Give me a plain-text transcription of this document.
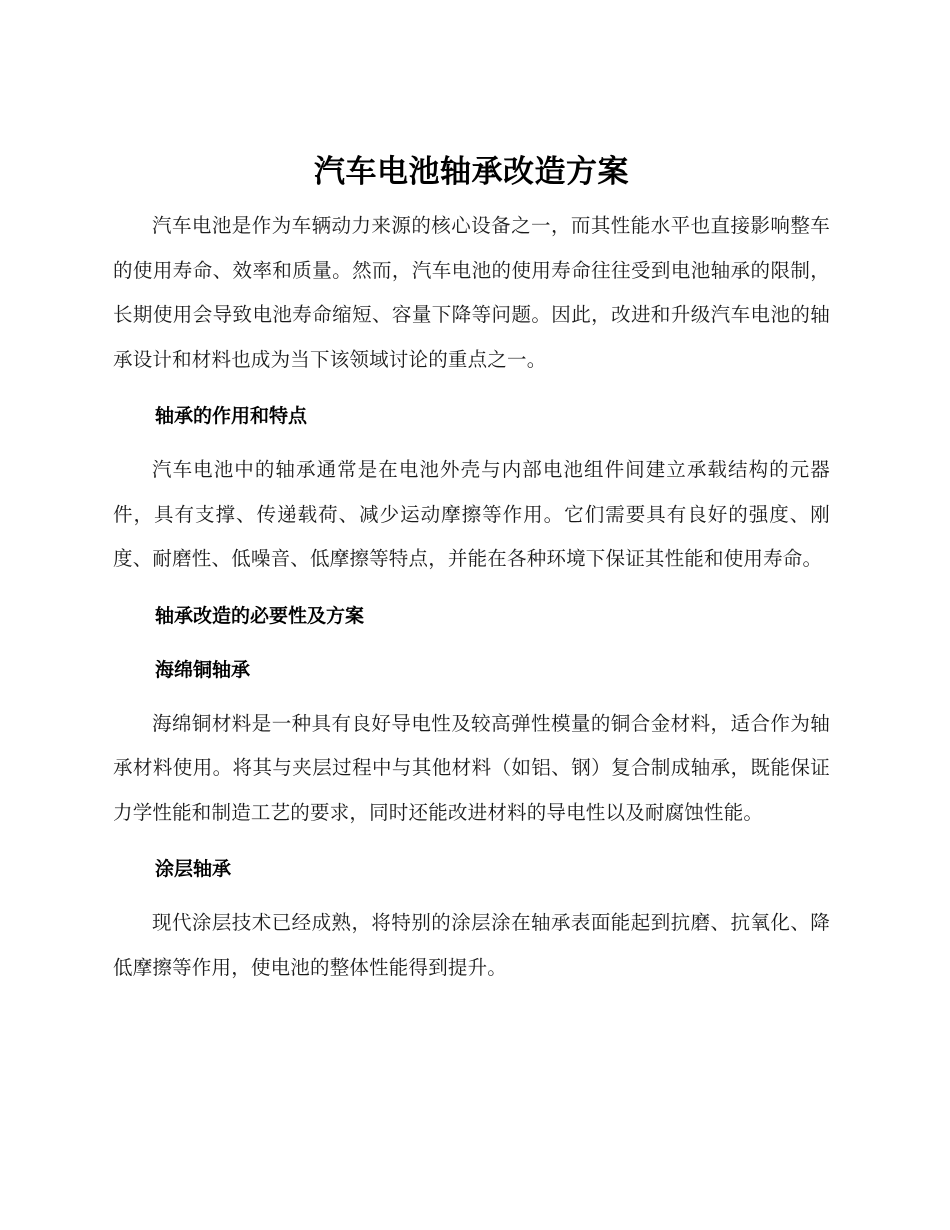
汽车电池轴承改造方案

汽车电池是作为车辆动力来源的核心设备之一，而其性能水平也直接影响整车的使用寿命、效率和质量。然而，汽车电池的使用寿命往往受到电池轴承的限制，长期使用会导致电池寿命缩短、容量下降等问题。因此，改进和升级汽车电池的轴承设计和材料也成为当下该领域讨论的重点之一。

轴承的作用和特点

汽车电池中的轴承通常是在电池外壳与内部电池组件间建立承载结构的元器件，具有支撑、传递载荷、减少运动摩擦等作用。它们需要具有良好的强度、刚度、耐磨性、低噪音、低摩擦等特点，并能在各种环境下保证其性能和使用寿命。

轴承改造的必要性及方案
海绵铜轴承

海绵铜材料是一种具有良好导电性及较高弹性模量的铜合金材料，适合作为轴承材料使用。将其与夹层过程中与其他材料（如铝、钢）复合制成轴承，既能保证力学性能和制造工艺的要求，同时还能改进材料的导电性以及耐腐蚀性能。

涂层轴承

现代涂层技术已经成熟，将特别的涂层涂在轴承表面能起到抗磨、抗氧化、降低摩擦等作用，使电池的整体性能得到提升。
